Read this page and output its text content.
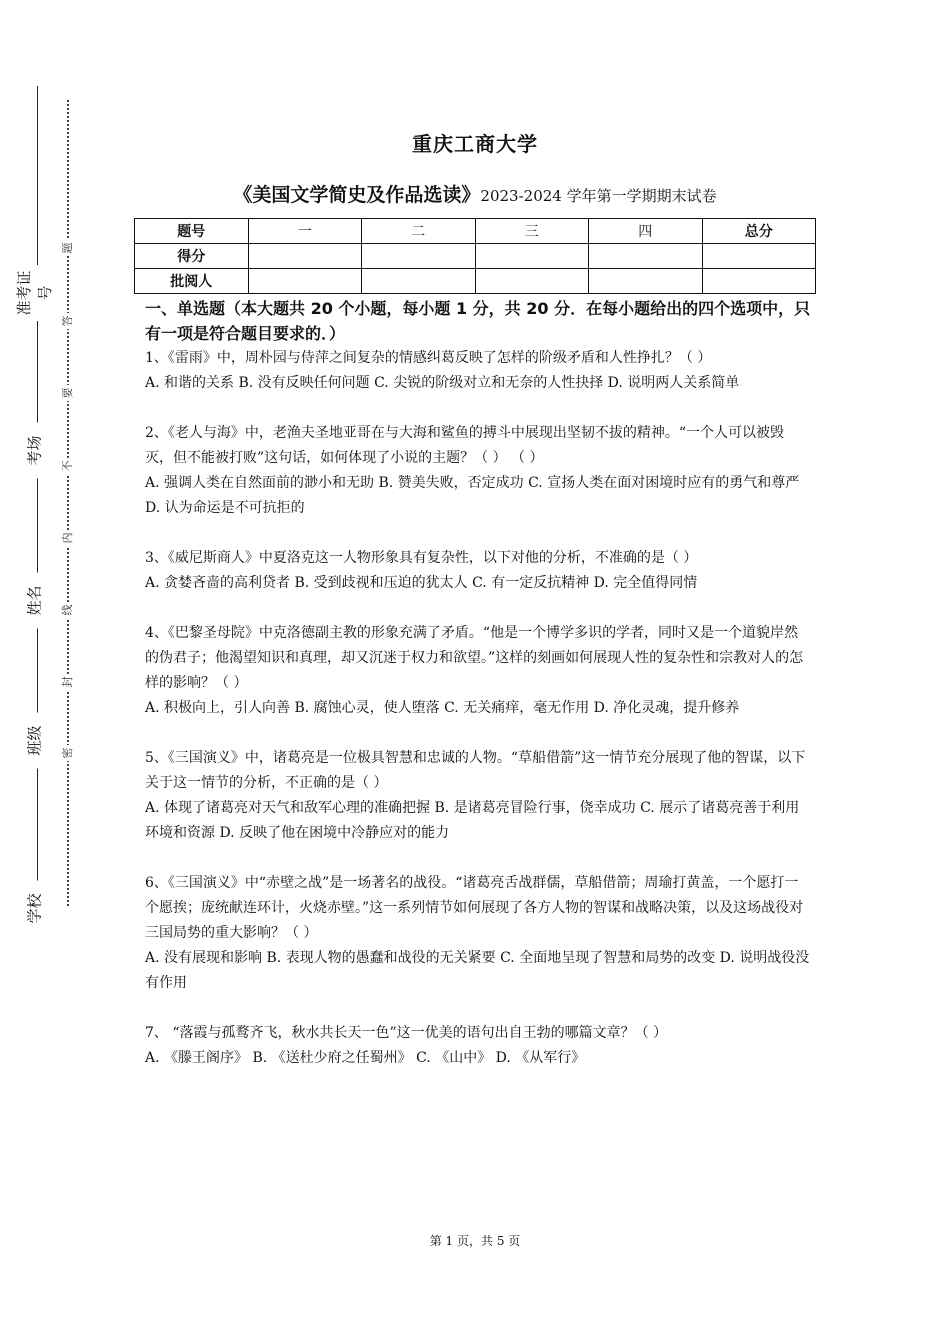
准考证号
考场
姓名
班级
学校
题
答
要
不
内
线
封
密
重庆工商大学
《美国文学简史及作品选读》2023-2024 学年第一学期期末试卷
题号	一	二	三	四	总分
得分					
批阅人					
一、单选题（本大题共 20 个小题，每小题 1 分，共 20 分．在每小题给出的四个选项中，只有一项是符合题目要求的．）

1、《雷雨》中，周朴园与侍萍之间复杂的情感纠葛反映了怎样的阶级矛盾和人性挣扎？（ ）

A. 和谐的关系 B. 没有反映任何问题 C. 尖锐的阶级对立和无奈的人性抉择 D. 说明两人关系简单

2、《老人与海》中，老渔夫圣地亚哥在与大海和鲨鱼的搏斗中展现出坚韧不拔的精神。“一个人可以被毁灭，但不能被打败”这句话，如何体现了小说的主题？（ ） （ ）

A. 强调人类在自然面前的渺小和无助 B. 赞美失败，否定成功 C. 宣扬人类在面对困境时应有的勇气和尊严 D. 认为命运是不可抗拒的

3、《威尼斯商人》中夏洛克这一人物形象具有复杂性，以下对他的分析，不准确的是（ ）

A. 贪婪吝啬的高利贷者 B. 受到歧视和压迫的犹太人 C. 有一定反抗精神 D. 完全值得同情

4、《巴黎圣母院》中克洛德副主教的形象充满了矛盾。“他是一个博学多识的学者，同时又是一个道貌岸然的伪君子；他渴望知识和真理，却又沉迷于权力和欲望。”这样的刻画如何展现人性的复杂性和宗教对人的怎样的影响？（ ）

A. 积极向上，引人向善 B. 腐蚀心灵，使人堕落 C. 无关痛痒，毫无作用 D. 净化灵魂，提升修养

5、《三国演义》中，诸葛亮是一位极具智慧和忠诚的人物。“草船借箭”这一情节充分展现了他的智谋，以下关于这一情节的分析，不正确的是（ ）

A. 体现了诸葛亮对天气和敌军心理的准确把握 B. 是诸葛亮冒险行事，侥幸成功 C. 展示了诸葛亮善于利用环境和资源 D. 反映了他在困境中冷静应对的能力

6、《三国演义》中“赤壁之战”是一场著名的战役。“诸葛亮舌战群儒，草船借箭；周瑜打黄盖，一个愿打一个愿挨；庞统献连环计，火烧赤壁。”这一系列情节如何展现了各方人物的智谋和战略决策，以及这场战役对三国局势的重大影响？（ ）

A. 没有展现和影响 B. 表现人物的愚蠢和战役的无关紧要 C. 全面地呈现了智慧和局势的改变 D. 说明战役没有作用

7、 “落霞与孤鹜齐飞，秋水共长天一色”这一优美的语句出自王勃的哪篇文章？（ ）

A. 《滕王阁序》 B. 《送杜少府之任蜀州》 C. 《山中》 D. 《从军行》

第 1 页，共 5 页
